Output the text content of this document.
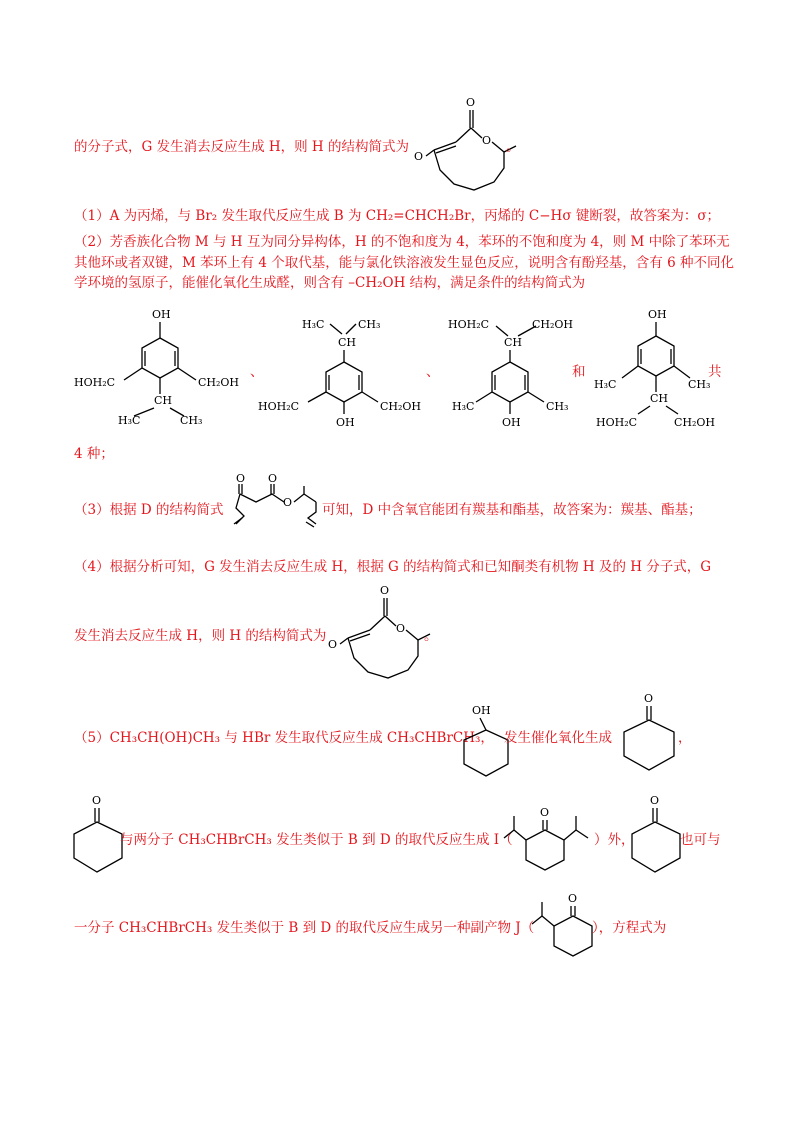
的分子式，G 发生消去反应生成 H，则 H 的结构简式为
O
O
O
。
（1）A 为丙烯，与 Br₂ 发生取代反应生成 B 为 CH₂=CHCH₂Br，丙烯的 C−Hσ 键断裂，故答案为：σ；
（2）芳香族化合物 M 与 H 互为同分异构体，H 的不饱和度为 4，苯环的不饱和度为 4，则 M 中除了苯环无其他环或者双键，M 苯环上有 4 个取代基，能与氯化铁溶液发生显色反应，说明含有酚羟基，含有 6 种不同化学环境的氢原子，能催化氧化生成醛，则含有 –CH₂OH 结构，满足条件的结构简式为
OH
HOH₂C	CH₂OH
CH
H₃C	CH₃
、
H₃C	CH₃
CH
HOH₂C	CH₂OH
OH
、
HOH₂C	CH₂OH
CH
H₃C	CH₃
OH
和
OH
H₃C	CH₃
CH
HOH₂C	CH₂OH
共
4 种；
（3）根据 D 的结构简式
O O
O 可知，D 中含氧官能团有羰基和酯基，故答案为：羰基、酯基；
（4）根据分析可知，G 发生消去反应生成 H，根据 G 的结构简式和已知酮类有机物 H 及的 H 分子式，G
发生消去反应生成 H，则 H 的结构简式为
O
O
O
。
（5）CH₃CH(OH)CH₃ 与 HBr 发生取代反应生成 CH₃CHBrCH₃，
OH
发生催化氧化生成
O
，
O
与两分子 CH₃CHBrCH₃ 发生类似于 B 到 D 的取代反应生成 I（
O
）外，
O
也可与
一分子 CH₃CHBrCH₃ 发生类似于 B 到 D 的取代反应生成另一种副产物 J（
O
），方程式为
